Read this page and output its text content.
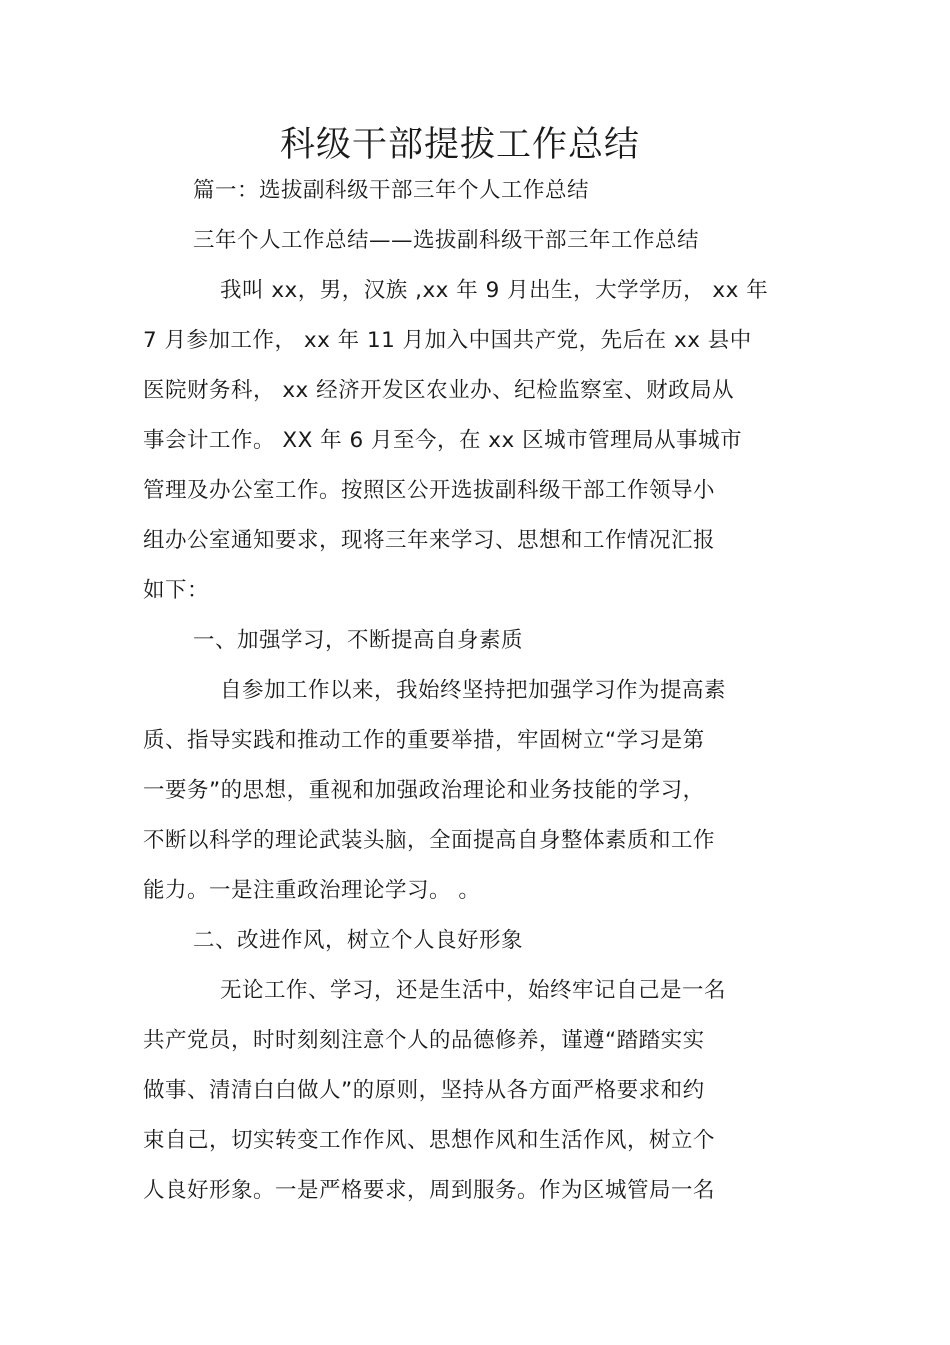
科级干部提拔工作总结
篇一：选拔副科级干部三年个人工作总结
三年个人工作总结——选拔副科级干部三年工作总结
我叫 xx，男，汉族 ,xx 年 9 月出生，大学学历， xx 年
7 月参加工作， xx 年 11 月加入中国共产党，先后在 xx 县中
医院财务科， xx 经济开发区农业办、纪检监察室、财政局从
事会计工作。 XX 年 6 月至今，在 xx 区城市管理局从事城市
管理及办公室工作。按照区公开选拔副科级干部工作领导小
组办公室通知要求，现将三年来学习、思想和工作情况汇报
如下：
一、加强学习，不断提高自身素质
自参加工作以来，我始终坚持把加强学习作为提高素
质、指导实践和推动工作的重要举措，牢固树立“学习是第
一要务”的思想，重视和加强政治理论和业务技能的学习，
不断以科学的理论武装头脑，全面提高自身整体素质和工作
能力。一是注重政治理论学习。 。
二、改进作风，树立个人良好形象
无论工作、学习，还是生活中，始终牢记自己是一名
共产党员，时时刻刻注意个人的品德修养，谨遵“踏踏实实
做事、清清白白做人”的原则，坚持从各方面严格要求和约
束自己，切实转变工作作风、思想作风和生活作风，树立个
人良好形象。一是严格要求，周到服务。作为区城管局一名
